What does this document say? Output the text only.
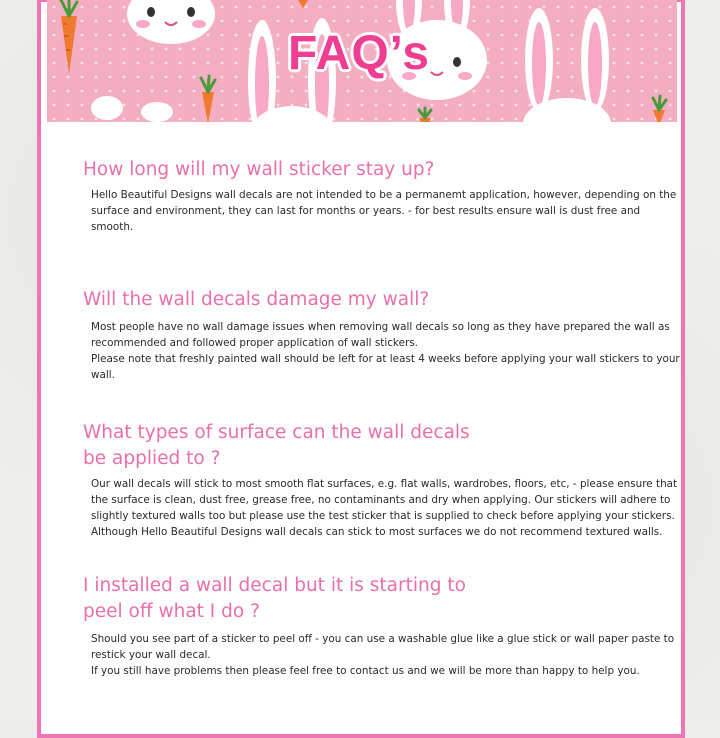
FAQ’s
How long will my wall sticker stay up?

Hello Beautiful Designs wall decals are not intended to be a permanemt application, however, depending on the surface and environment, they can last for months or years. - for best results ensure wall is dust free and smooth.

Will the wall decals damage my wall?

Most people have no wall damage issues when removing wall decals so long as they have prepared the wall as recommended and followed proper application of wall stickers.

Please note that freshly painted wall should be left for at least 4 weeks before applying your wall stickers to your wall.

What types of surface can the wall decals be applied to ?

Our wall decals will stick to most smooth flat surfaces, e.g. flat walls, wardrobes, floors, etc, - please ensure that the surface is clean, dust free, grease free, no contaminants and dry when applying. Our stickers will adhere to slightly textured walls too but please use the test sticker that is supplied to check before applying your stickers. Although Hello Beautiful Designs wall decals can stick to most surfaces we do not recommend textured walls.

I installed a wall decal but it is starting to peel off what I do ?

Should you see part of a sticker to peel off - you can use a washable glue like a glue stick or wall paper paste to restick your wall decal.

If you still have problems then please feel free to contact us and we will be more than happy to help you.
